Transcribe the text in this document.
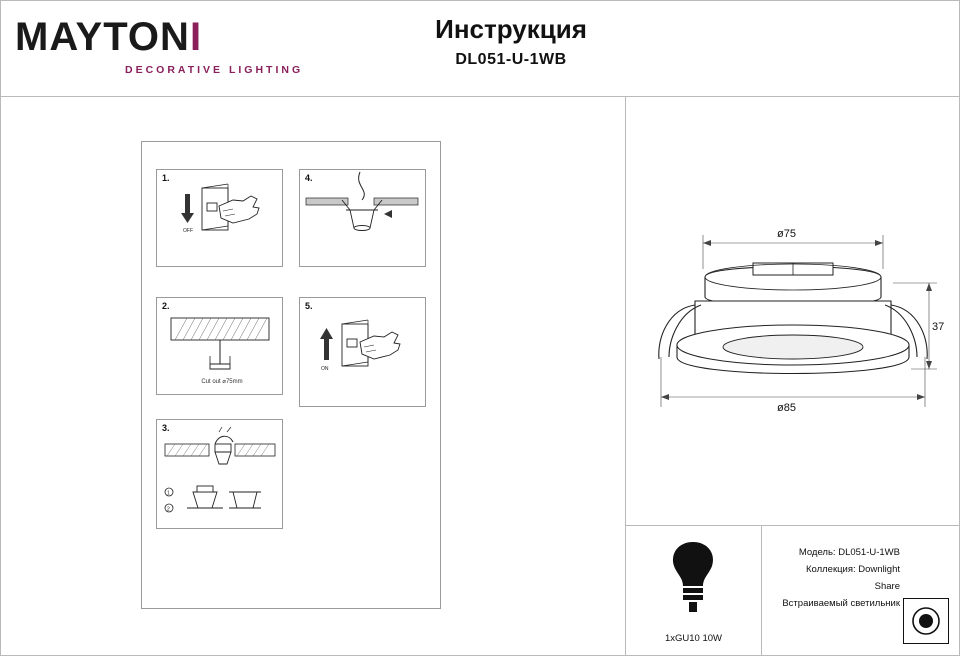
MAYTONI
DECORATIVE LIGHTING
Инструкция
DL051-U-1WB
1.
OFF
2.
Cut out ⌀75mm
3.
1
2
4.
5.
ON
ø75
37
ø85
1xGU10 10W
Модель: DL051-U-1WB
Коллекция: Downlight
Share
Встраиваемый светильник
